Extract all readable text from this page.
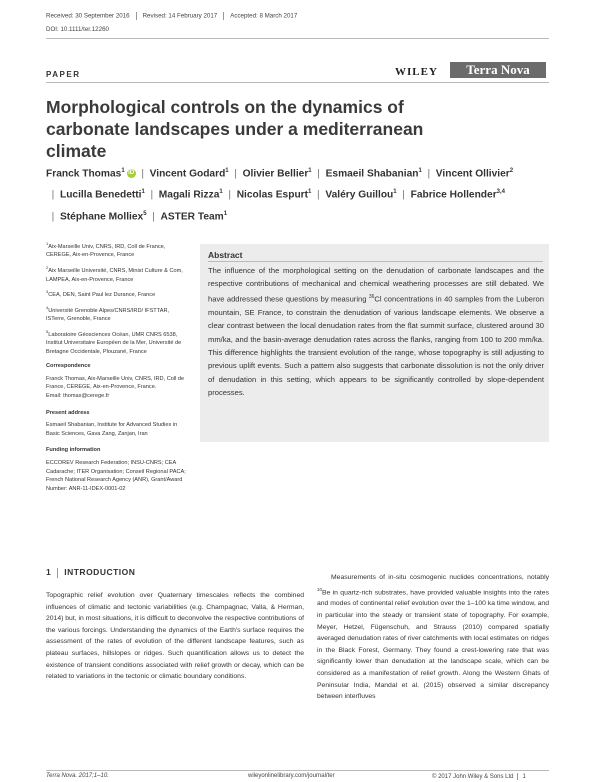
Received: 30 September 2016 Revised: 14 February 2017 Accepted: 8 March 2017
DOI: 10.1111/ter.12260
PAPER	WILEY	Terra Nova
Morphological controls on the dynamics of carbonate landscapes under a mediterranean climate
Franck Thomas$^1$ iD  |  Vincent Godard$^1$  |  Olivier Bellier$^1$  |  Esmaeil Shabanian$^1$  |  Vincent Ollivier$^2$  |  Lucilla Benedetti$^1$  |  Magali Rizza$^1$  |  Nicolas Espurt$^1$  |  Valéry Guillou$^1$  |  Fabrice Hollender$^{3,4}$  |  Stéphane Molliex$^5$  |  ASTER Team$^1$

$^1$Aix-Marseille Univ, CNRS, IRD, Coll de France, CEREGE, Aix-en-Provence, France

$^2$Aix Marseille Université, CNRS, Minist Culture & Com, LAMPEA, Aix-en-Provence, France

$^3$CEA, DEN, Saint Paul lez Durance, France

$^4$Université Grenoble Alpes/CNRS/IRD/ IFSTTAR, ISTerre, Grenoble, France

$^5$Laboratoire Géosciences Océan, UMR CNRS 6538, Institut Universitaire Européen de la Mer, Université de Bretagne Occidentale, Plouzané, France

Correspondence

Franck Thomas, Aix-Marseille Univ, CNRS, IRD, Coll de France, CEREGE, Aix-en-Provence, France.

Email: thomas@cerege.fr

Present address

Esmaeil Shabanian, Institute for Advanced Studies in Basic Sciences, Gava Zang, Zanjan, Iran

Funding information

ECCOREV Research Federation; INSU-CNRS; CEA Cadarache; ITER Organisation; Conseil Regional PACA; French National Research Agency (ANR), Grant/Award Number: ANR-11-IDEX-0001-02

Abstract
The influence of the morphological setting on the denudation of carbonate landscapes and the respective contributions of mechanical and chemical weathering processes are still debated. We have addressed these questions by measuring $^{36}$Cl concentrations in 40 samples from the Luberon mountain, SE France, to constrain the denudation of various landscape elements. We observe a clear contrast between the local denudation rates from the flat summit surface, clustered around 30 mm/ka, and the basin-average denudation rates across the flanks, ranging from 100 to 200 mm/ka. This difference highlights the transient evolution of the range, whose topography is still adjusting to previous uplift events. Such a pattern also suggests that carbonate dissolution is not the only driver of denudation in this setting, which appears to be significantly controlled by slope-dependent processes.
1 INTRODUCTION
Topographic relief evolution over Quaternary timescales reflects the combined influences of climatic and tectonic variabilities (e.g. Champagnac, Valla, & Herman, 2014) but, in most situations, it is difficult to deconvolve the respective contributions of the various forcings. Understanding the dynamics of the Earth's surface requires the assessment of the rates of evolution of the different landscape features, such as plateau surfaces, hillslopes or ridges. Such quantification allows us to detect the existence of transient conditions associated with relief growth or decay, which can be related to variations in the tectonic or climatic boundary conditions.
Measurements of in-situ cosmogenic nuclides concentrations, notably $^{10}$Be in quartz-rich substrates, have provided valuable insights into the rates and modes of continental relief evolution over the 1–100 ka time window, and in particular into the steady or transient state of topography. For example, Meyer, Hetzel, Fügenschuh, and Strauss (2010) compared spatially averaged denudation rates of river catchments with local estimates on ridges in the Black Forest, Germany. They found a crest-lowering rate that was significantly lower than denudation at the landscape scale, which can be considered as a manifestation of relief growth. Along the Western Ghats of Peninsular India, Mandal et al. (2015) observed a similar discrepancy between interfluves
Terra Nova. 2017;1–10.	wileyonlinelibrary.com/journal/ter	© 2017 John Wiley & Sons Ltd 1
